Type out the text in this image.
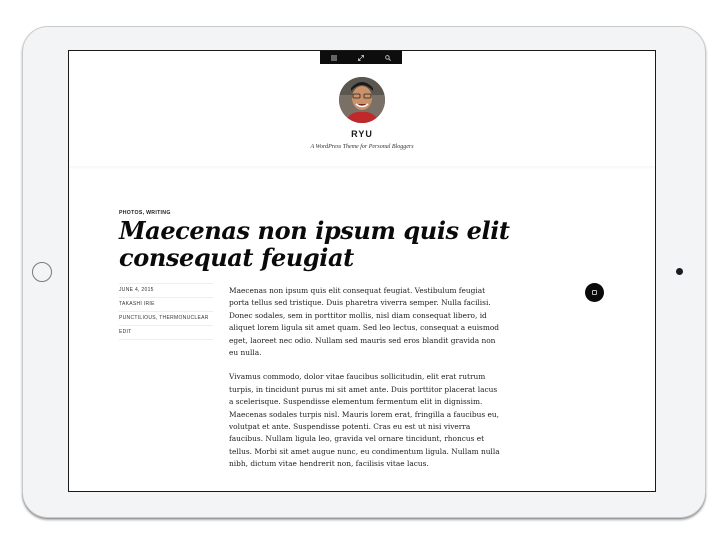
RYU
A WordPress Theme for Personal Bloggers
PHOTOS, WRITING
Maecenas non ipsum quis elit consequat feugiat
JUNE 4, 2015
TAKASHI IRIE
PUNCTILIOUS, THERMONUCLEAR
EDIT

Maecenas non ipsum quis elit consequat feugiat. Vestibulum feugiat porta tellus sed tristique. Duis pharetra viverra semper. Nulla facilisi. Donec sodales, sem in porttitor mollis, nisl diam consequat libero, id aliquet lorem ligula sit amet quam. Sed leo lectus, consequat a euismod eget, laoreet nec odio. Nullam sed mauris sed eros blandit gravida non eu nulla.

Vivamus commodo, dolor vitae faucibus sollicitudin, elit erat rutrum turpis, in tincidunt purus mi sit amet ante. Duis porttitor placerat lacus a scelerisque. Suspendisse elementum fermentum elit in dignissim. Maecenas sodales turpis nisl. Mauris lorem erat, fringilla a faucibus eu, volutpat et ante. Suspendisse potenti. Cras eu est ut nisi viverra faucibus. Nullam ligula leo, gravida vel ornare tincidunt, rhoncus et tellus. Morbi sit amet augue nunc, eu condimentum ligula. Nullam nulla nibh, dictum vitae hendrerit non, facilisis vitae lacus.
